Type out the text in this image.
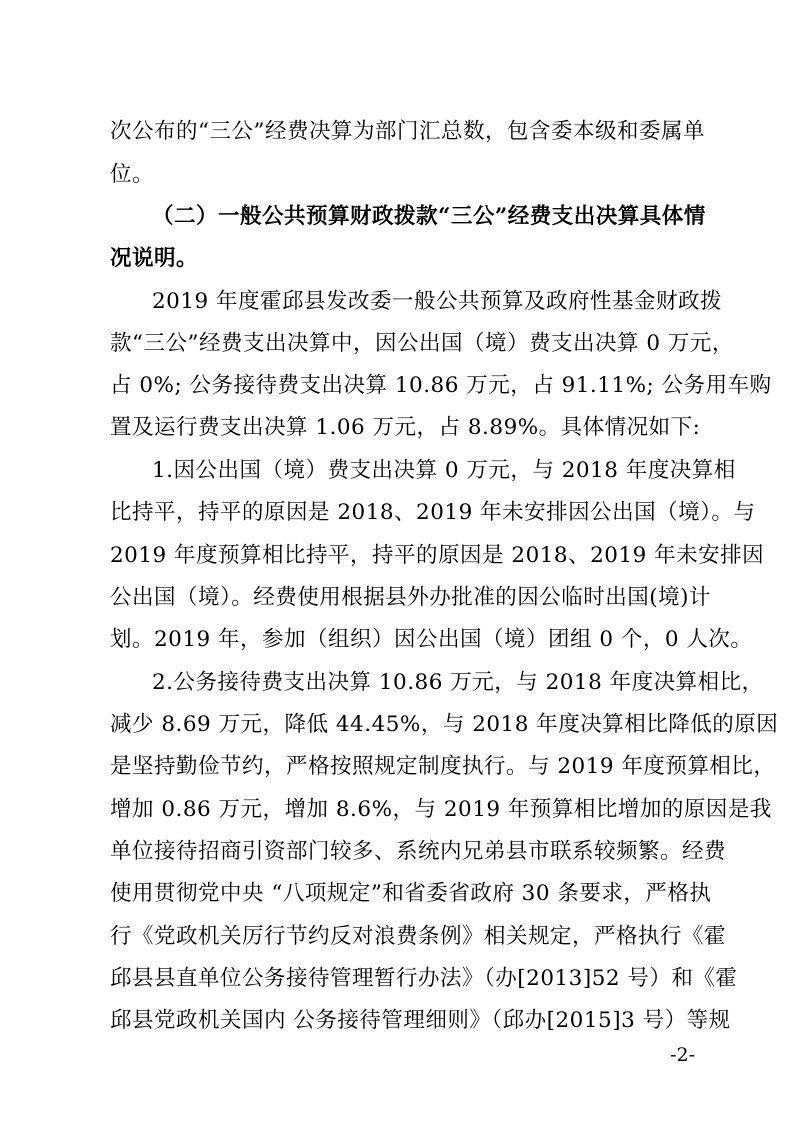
次公布的“三公”经费决算为部门汇总数，包含委本级和委属单
位。
（二）一般公共预算财政拨款“三公”经费支出决算具体情
况说明。
2019 年度霍邱县发改委一般公共预算及政府性基金财政拨
款“三公”经费支出决算中，因公出国（境）费支出决算 0 万元，
占 0%; 公务接待费支出决算 10.86 万元，占 91.11%; 公务用车购
置及运行费支出决算 1.06 万元，占 8.89%。具体情况如下:
1.因公出国（境）费支出决算 0 万元，与 2018 年度决算相
比持平，持平的原因是 2018、2019 年未安排因公出国（境）。与
2019 年度预算相比持平，持平的原因是 2018、2019 年未安排因
公出国（境）。经费使用根据县外办批准的因公临时出国(境)计
划。2019 年，参加（组织）因公出国（境）团组 0 个，0 人次。
2.公务接待费支出决算 10.86 万元，与 2018 年度决算相比，
减少 8.69 万元，降低 44.45%，与 2018 年度决算相比降低的原因
是坚持勤俭节约，严格按照规定制度执行。与 2019 年度预算相比，
增加 0.86 万元，增加 8.6%，与 2019 年预算相比增加的原因是我
单位接待招商引资部门较多、系统内兄弟县市联系较频繁。经费
使用贯彻党中央 “八项规定”和省委省政府 30 条要求，严格执
行《党政机关厉行节约反对浪费条例》相关规定，严格执行《霍
邱县县直单位公务接待管理暂行办法》（办[2013]52 号）和《霍
邱县党政机关国内 公务接待管理细则》（邱办[2015]3 号）等规
-2-
